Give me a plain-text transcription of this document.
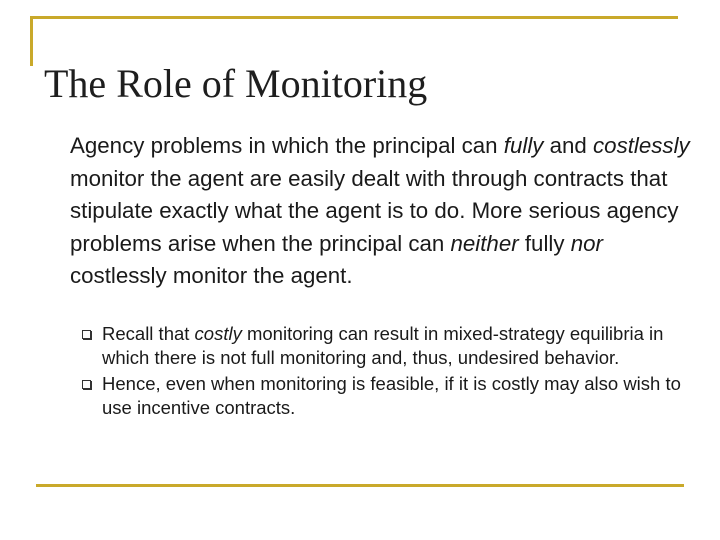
The Role of Monitoring

Agency problems in which the principal can fully and costlessly monitor the agent are easily dealt with through contracts that stipulate exactly what the agent is to do. More serious agency problems arise when the principal can neither fully nor costlessly monitor the agent.

Recall that costly monitoring can result in mixed-strategy equilibria in which there is not full monitoring and, thus, undesired behavior.
Hence, even when monitoring is feasible, if it is costly may also wish to use incentive contracts.
